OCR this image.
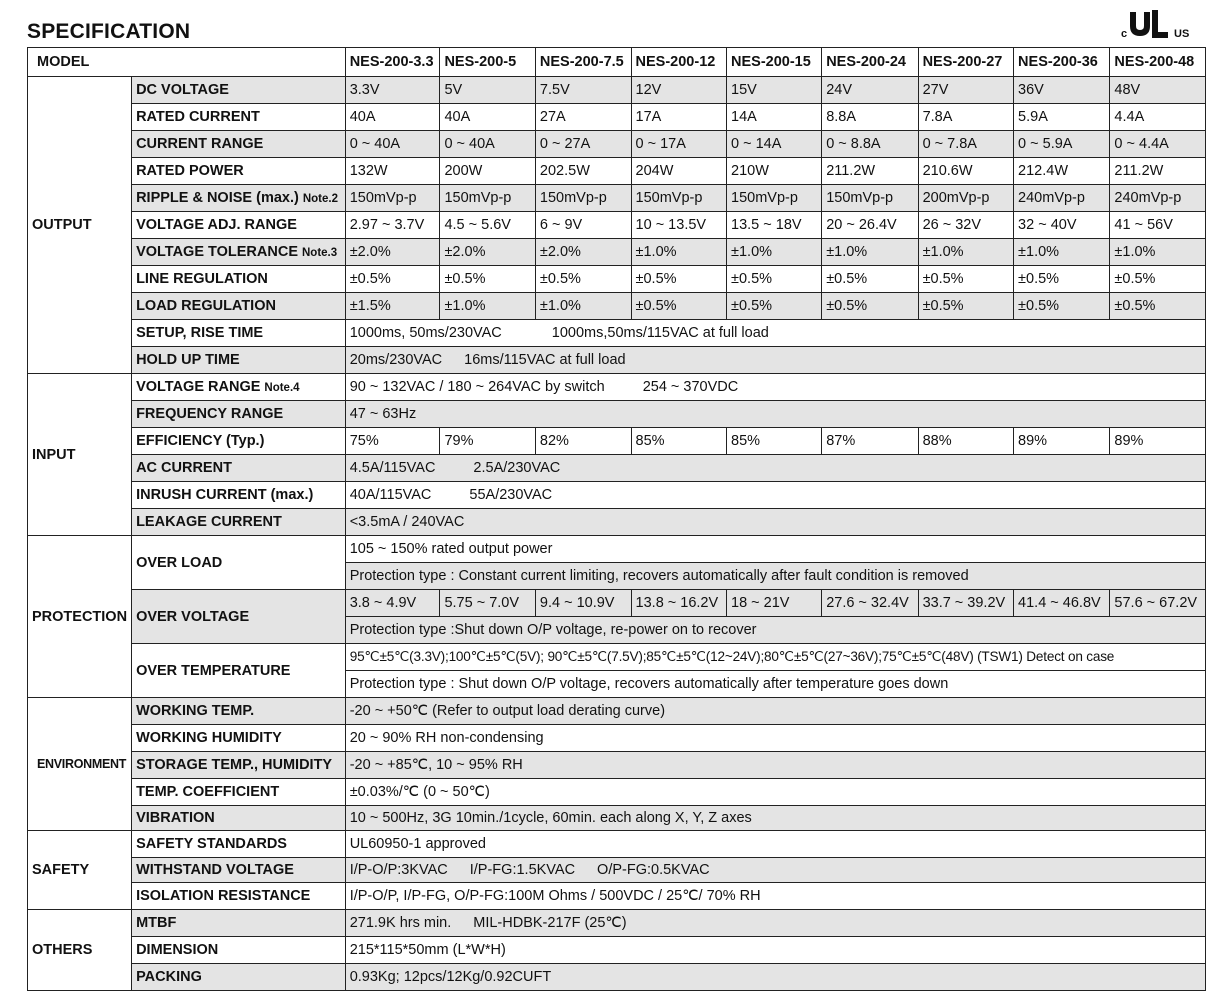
SPECIFICATION	c	US
MODEL		NES-200-3.3	NES-200-5	NES-200-7.5	NES-200-12	NES-200-15	NES-200-24	NES-200-27	NES-200-36	NES-200-48
OUTPUT	DC VOLTAGE	3.3V	5V	7.5V	12V	15V	24V	27V	36V	48V
	RATED CURRENT	40A	40A	27A	17A	14A	8.8A	7.8A	5.9A	4.4A
	CURRENT RANGE	0 ~ 40A	0 ~ 40A	0 ~ 27A	0 ~ 17A	0 ~ 14A	0 ~ 8.8A	0 ~ 7.8A	0 ~ 5.9A	0 ~ 4.4A
	RATED POWER	132W	200W	202.5W	204W	210W	211.2W	210.6W	212.4W	211.2W
	RIPPLE & NOISE (max.) Note.2	150mVp-p	150mVp-p	150mVp-p	150mVp-p	150mVp-p	150mVp-p	200mVp-p	240mVp-p	240mVp-p
	VOLTAGE ADJ. RANGE	2.97 ~ 3.7V	4.5 ~ 5.6V	6 ~ 9V	10 ~ 13.5V	13.5 ~ 18V	20 ~ 26.4V	26 ~ 32V	32 ~ 40V	41 ~ 56V
	VOLTAGE TOLERANCE Note.3	±2.0%	±2.0%	±2.0%	±1.0%	±1.0%	±1.0%	±1.0%	±1.0%	±1.0%
	LINE REGULATION	±0.5%	±0.5%	±0.5%	±0.5%	±0.5%	±0.5%	±0.5%	±0.5%	±0.5%
	LOAD REGULATION	±1.5%	±1.0%	±1.0%	±0.5%	±0.5%	±0.5%	±0.5%	±0.5%	±0.5%
	SETUP, RISE TIME	1000ms, 50ms/230VAC 1000ms,50ms/115VAC at full load								
	HOLD UP TIME	20ms/230VAC 16ms/115VAC at full load								
INPUT	VOLTAGE RANGE Note.4	90 ~ 132VAC / 180 ~ 264VAC by switch 254 ~ 370VDC								
	FREQUENCY RANGE	47 ~ 63Hz								
	EFFICIENCY (Typ.)	75%	79%	82%	85%	85%	87%	88%	89%	89%
	AC CURRENT	4.5A/115VAC 2.5A/230VAC								
	INRUSH CURRENT (max.)	40A/115VAC 55A/230VAC								
	LEAKAGE CURRENT	<3.5mA / 240VAC								
PROTECTION	OVER LOAD	105 ~ 150% rated output power								
		Protection type : Constant current limiting, recovers automatically after fault condition is removed								
	OVER VOLTAGE	3.8 ~ 4.9V	5.75 ~ 7.0V	9.4 ~ 10.9V	13.8 ~ 16.2V	18 ~ 21V	27.6 ~ 32.4V	33.7 ~ 39.2V	41.4 ~ 46.8V	57.6 ~ 67.2V
		Protection type :Shut down O/P voltage, re-power on to recover								
	OVER TEMPERATURE	95℃±5℃(3.3V);100℃±5℃(5V); 90℃±5℃(7.5V);85℃±5℃(12~24V);80℃±5℃(27~36V);75℃±5℃(48V) (TSW1) Detect on case								
		Protection type : Shut down O/P voltage, recovers automatically after temperature goes down								
ENVIRONMENT	WORKING TEMP.	-20 ~ +50℃ (Refer to output load derating curve)								
	WORKING HUMIDITY	20 ~ 90% RH non-condensing								
	STORAGE TEMP., HUMIDITY	-20 ~ +85℃, 10 ~ 95% RH								
	TEMP. COEFFICIENT	±0.03%/℃ (0 ~ 50℃)								
	VIBRATION	10 ~ 500Hz, 3G 10min./1cycle, 60min. each along X, Y, Z axes								
SAFETY	SAFETY STANDARDS	UL60950-1 approved								
	WITHSTAND VOLTAGE	I/P-O/P:3KVAC I/P-FG:1.5KVAC O/P-FG:0.5KVAC								
	ISOLATION RESISTANCE	I/P-O/P, I/P-FG, O/P-FG:100M Ohms / 500VDC / 25℃/ 70% RH								
OTHERS	MTBF	271.9K hrs min. MIL-HDBK-217F (25℃)								
	DIMENSION	215*115*50mm (L*W*H)								
	PACKING	0.93Kg; 12pcs/12Kg/0.92CUFT								
